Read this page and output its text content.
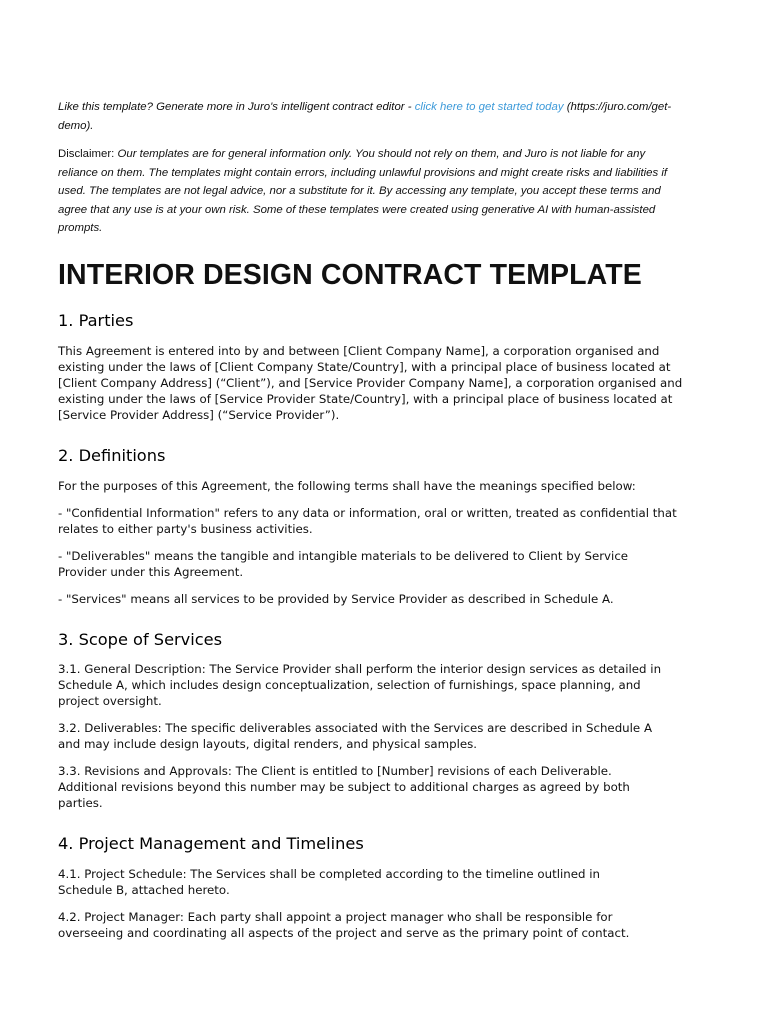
Like this template? Generate more in Juro's intelligent contract editor - click here to get started today (https://juro.com/get-demo).

Disclaimer: Our templates are for general information only. You should not rely on them, and Juro is not liable for any reliance on them. The templates might contain errors, including unlawful provisions and might create risks and liabilities if used. The templates are not legal advice, nor a substitute for it. By accessing any template, you accept these terms and agree that any use is at your own risk. Some of these templates were created using generative AI with human-assisted prompts.

INTERIOR DESIGN CONTRACT TEMPLATE
1. Parties

This Agreement is entered into by and between [Client Company Name], a corporation organised and existing under the laws of [Client Company State/Country], with a principal place of business located at [Client Company Address] (“Client”), and [Service Provider Company Name], a corporation organised and existing under the laws of [Service Provider State/Country], with a principal place of business located at [Service Provider Address] (“Service Provider”).

2. Definitions

For the purposes of this Agreement, the following terms shall have the meanings specified below:

- "Confidential Information" refers to any data or information, oral or written, treated as confidential that relates to either party's business activities.

- "Deliverables" means the tangible and intangible materials to be delivered to Client by Service Provider under this Agreement.

- "Services" means all services to be provided by Service Provider as described in Schedule A.

3. Scope of Services

3.1. General Description: The Service Provider shall perform the interior design services as detailed in Schedule A, which includes design conceptualization, selection of furnishings, space planning, and project oversight.

3.2. Deliverables: The specific deliverables associated with the Services are described in Schedule A and may include design layouts, digital renders, and physical samples.

3.3. Revisions and Approvals: The Client is entitled to [Number] revisions of each Deliverable. Additional revisions beyond this number may be subject to additional charges as agreed by both parties.

4. Project Management and Timelines

4.1. Project Schedule: The Services shall be completed according to the timeline outlined in Schedule B, attached hereto.

4.2. Project Manager: Each party shall appoint a project manager who shall be responsible for overseeing and coordinating all aspects of the project and serve as the primary point of contact.
